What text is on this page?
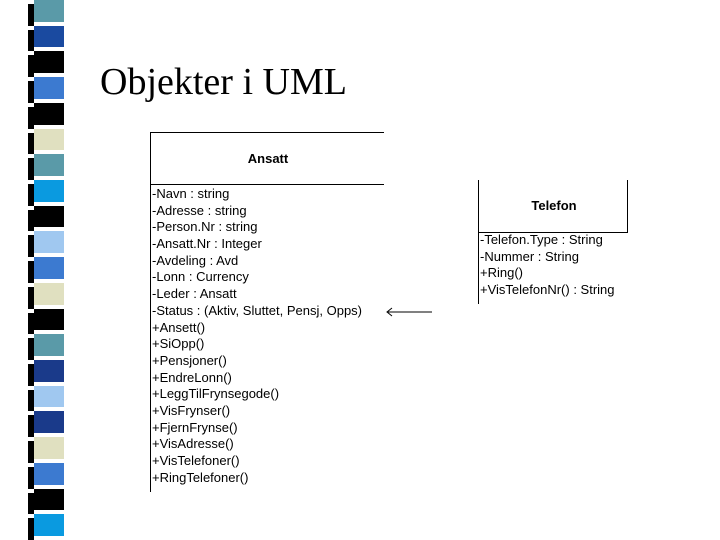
Objekter i UML
Ansatt
-Navn : string
-Adresse : string
-Person.Nr : string
-Ansatt.Nr : Integer
-Avdeling : Avd
-Lonn : Currency
-Leder : Ansatt
-Status : (Aktiv, Sluttet, Pensj, Opps)
+Ansett()
+SiOpp()
+Pensjoner()
+EndreLonn()
+LeggTilFrynsegode()
+VisFrynser()
+FjernFrynse()
+VisAdresse()
+VisTelefoner()
+RingTelefoner()
Telefon
-Telefon.Type : String
-Nummer : String
+Ring()
+VisTelefonNr() : String
